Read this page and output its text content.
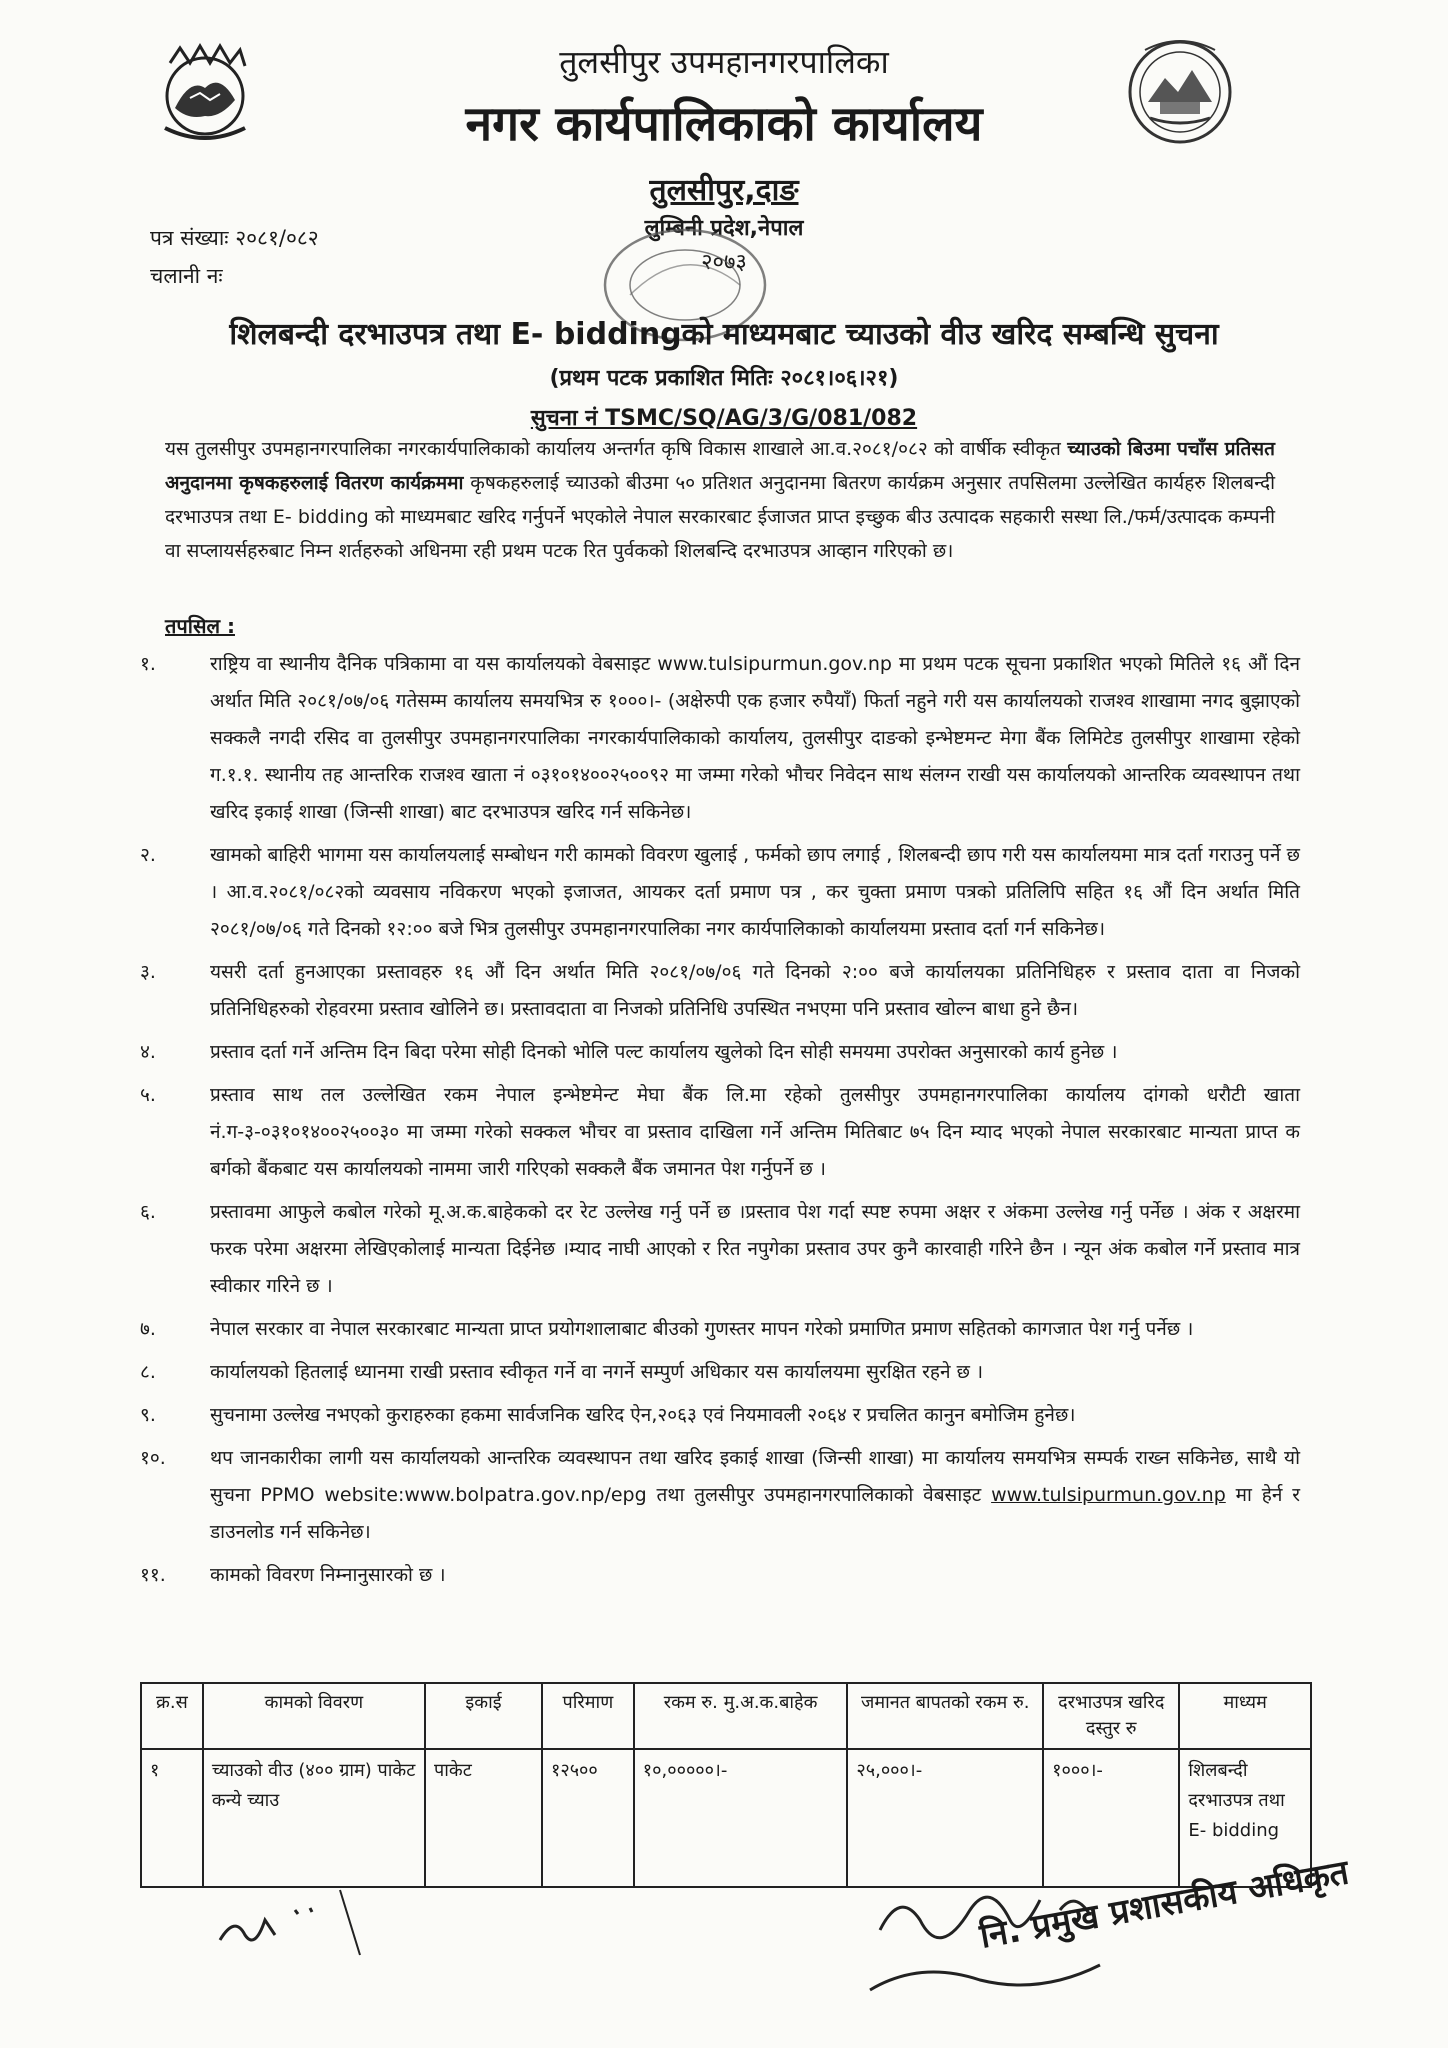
तुलसीपुर उपमहानगरपालिका
नगर कार्यपालिकाको कार्यालय
तुलसीपुर,दाङ
लुम्बिनी प्रदेश,नेपाल
२०७३
पत्र संख्याः २०८१/०८२
चलानी नः
शिलबन्दी दरभाउपत्र तथा E- biddingको माध्यमबाट च्याउको वीउ खरिद सम्बन्धि सुचना
(प्रथम पटक प्रकाशित मितिः २०८१।०६।२१)
सुचना नं TSMC/SQ/AG/3/G/081/082
यस तुलसीपुर उपमहानगरपालिका नगरकार्यपालिकाको कार्यालय अन्तर्गत कृषि विकास शाखाले आ.व.२०८१/०८२ को वार्षीक स्वीकृत च्याउको बिउमा पचाँस प्रतिसत अनुदानमा कृषकहरुलाई वितरण कार्यक्रममा कृषकहरुलाई च्याउको बीउमा ५० प्रतिशत अनुदानमा बितरण कार्यक्रम अनुसार तपसिलमा उल्लेखित कार्यहरु शिलबन्दी दरभाउपत्र तथा E- bidding को माध्यमबाट खरिद गर्नुपर्ने भएकोले नेपाल सरकारबाट ईजाजत प्राप्त इच्छुक बीउ उत्पादक सहकारी सस्था लि./फर्म/उत्पादक कम्पनी वा सप्लायर्सहरुबाट निम्न शर्तहरुको अधिनमा रही प्रथम पटक रित पुर्वकको शिलबन्दि दरभाउपत्र आव्हान गरिएको छ।
तपसिल :
१.	राष्ट्रिय वा स्थानीय दैनिक पत्रिकामा वा यस कार्यालयको वेबसाइट www.tulsipurmun.gov.np मा प्रथम पटक सूचना प्रकाशित भएको मितिले १६ औं दिन अर्थात मिति २०८१/०७/०६ गतेसम्म कार्यालय समयभित्र रु १०००।- (अक्षेरुपी एक हजार रुपैयाँ) फिर्ता नहुने गरी यस कार्यालयको राजश्व शाखामा नगद बुझाएको सक्कलै नगदी रसिद वा तुलसीपुर उपमहानगरपालिका नगरकार्यपालिकाको कार्यालय, तुलसीपुर दाङको इन्भेष्टमन्ट मेगा बैंक लिमिटेड तुलसीपुर शाखामा रहेको ग.१.१. स्थानीय तह आन्तरिक राजश्व खाता नं ०३१०१४००२५००९२ मा जम्मा गरेको भौचर निवेदन साथ संलग्न राखी यस कार्यालयको आन्तरिक व्यवस्थापन तथा खरिद इकाई शाखा (जिन्सी शाखा) बाट दरभाउपत्र खरिद गर्न सकिनेछ।
२.	खामको बाहिरी भागमा यस कार्यालयलाई सम्बोधन गरी कामको विवरण खुलाई , फर्मको छाप लगाई , शिलबन्दी छाप गरी यस कार्यालयमा मात्र दर्ता गराउनु पर्ने छ । आ.व.२०८१/०८२को व्यवसाय नविकरण भएको इजाजत, आयकर दर्ता प्रमाण पत्र , कर चुक्ता प्रमाण पत्रको प्रतिलिपि सहित १६ औं दिन अर्थात मिति २०८१/०७/०६ गते दिनको १२:०० बजे भित्र तुलसीपुर उपमहानगरपालिका नगर कार्यपालिकाको कार्यालयमा प्रस्ताव दर्ता गर्न सकिनेछ।
३.	यसरी दर्ता हुनआएका प्रस्तावहरु १६ औं दिन अर्थात मिति २०८१/०७/०६ गते दिनको २:०० बजे कार्यालयका प्रतिनिधिहरु र प्रस्ताव दाता वा निजको प्रतिनिधिहरुको रोहवरमा प्रस्ताव खोलिने छ। प्रस्तावदाता वा निजको प्रतिनिधि उपस्थित नभएमा पनि प्रस्ताव खोल्न बाधा हुने छैन।
४.	प्रस्ताव दर्ता गर्ने अन्तिम दिन बिदा परेमा सोही दिनको भोलि पल्ट कार्यालय खुलेको दिन सोही समयमा उपरोक्त अनुसारको कार्य हुनेछ ।
५.	प्रस्ताव साथ तल उल्लेखित रकम नेपाल इन्भेष्टमेन्ट मेघा बैंक लि.मा रहेको तुलसीपुर उपमहानगरपालिका कार्यालय दांगको धरौटी खाता नं.ग-३-०३१०१४००२५००३० मा जम्मा गरेको सक्कल भौचर वा प्रस्ताव दाखिला गर्ने अन्तिम मितिबाट ७५ दिन म्याद भएको नेपाल सरकारबाट मान्यता प्राप्त क बर्गको बैंकबाट यस कार्यालयको नाममा जारी गरिएको सक्कलै बैंक जमानत पेश गर्नुपर्ने छ ।
६.	प्रस्तावमा आफुले कबोल गरेको मू.अ.क.बाहेकको दर रेट उल्लेख गर्नु पर्ने छ ।प्रस्ताव पेश गर्दा स्पष्ट रुपमा अक्षर र अंकमा उल्लेख गर्नु पर्नेछ । अंक र अक्षरमा फरक परेमा अक्षरमा लेखिएकोलाई मान्यता दिईनेछ ।म्याद नाघी आएको र रित नपुगेका प्रस्ताव उपर कुनै कारवाही गरिने छैन । न्यून अंक कबोल गर्ने प्रस्ताव मात्र स्वीकार गरिने छ ।
७.	नेपाल सरकार वा नेपाल सरकारबाट मान्यता प्राप्त प्रयोगशालाबाट बीउको गुणस्तर मापन गरेको प्रमाणित प्रमाण सहितको कागजात पेश गर्नु पर्नेछ ।
८.	कार्यालयको हितलाई ध्यानमा राखी प्रस्ताव स्वीकृत गर्ने वा नगर्ने सम्पुर्ण अधिकार यस कार्यालयमा सुरक्षित रहने छ ।
९.	सुचनामा उल्लेख नभएको कुराहरुका हकमा सार्वजनिक खरिद ऐन,२०६३ एवं नियमावली २०६४ र प्रचलित कानुन बमोजिम हुनेछ।
१०.	थप जानकारीका लागी यस कार्यालयको आन्तरिक व्यवस्थापन तथा खरिद इकाई शाखा (जिन्सी शाखा) मा कार्यालय समयभित्र सम्पर्क राख्न सकिनेछ, साथै यो सुचना PPMO website:www.bolpatra.gov.np/epg तथा तुलसीपुर उपमहानगरपालिकाको वेबसाइट www.tulsipurmun.gov.np मा हेर्न र डाउनलोड गर्न सकिनेछ।
११.	कामको विवरण निम्नानुसारको छ ।
क्र.स	कामको विवरण	इकाई	परिमाण	रकम रु. मु.अ.क.बाहेक	जमानत बापतको रकम रु.	दरभाउपत्र खरिद दस्तुर रु	माध्यम
१	च्याउको वीउ (४०० ग्राम) पाकेट कन्ये च्याउ	पाकेट	१२५००	१०,०००००।-	२५,०००।-	१०००।-	शिलबन्दी दरभाउपत्र तथा E- bidding
नि. प्रमुख प्रशासकीय अधिकृत
